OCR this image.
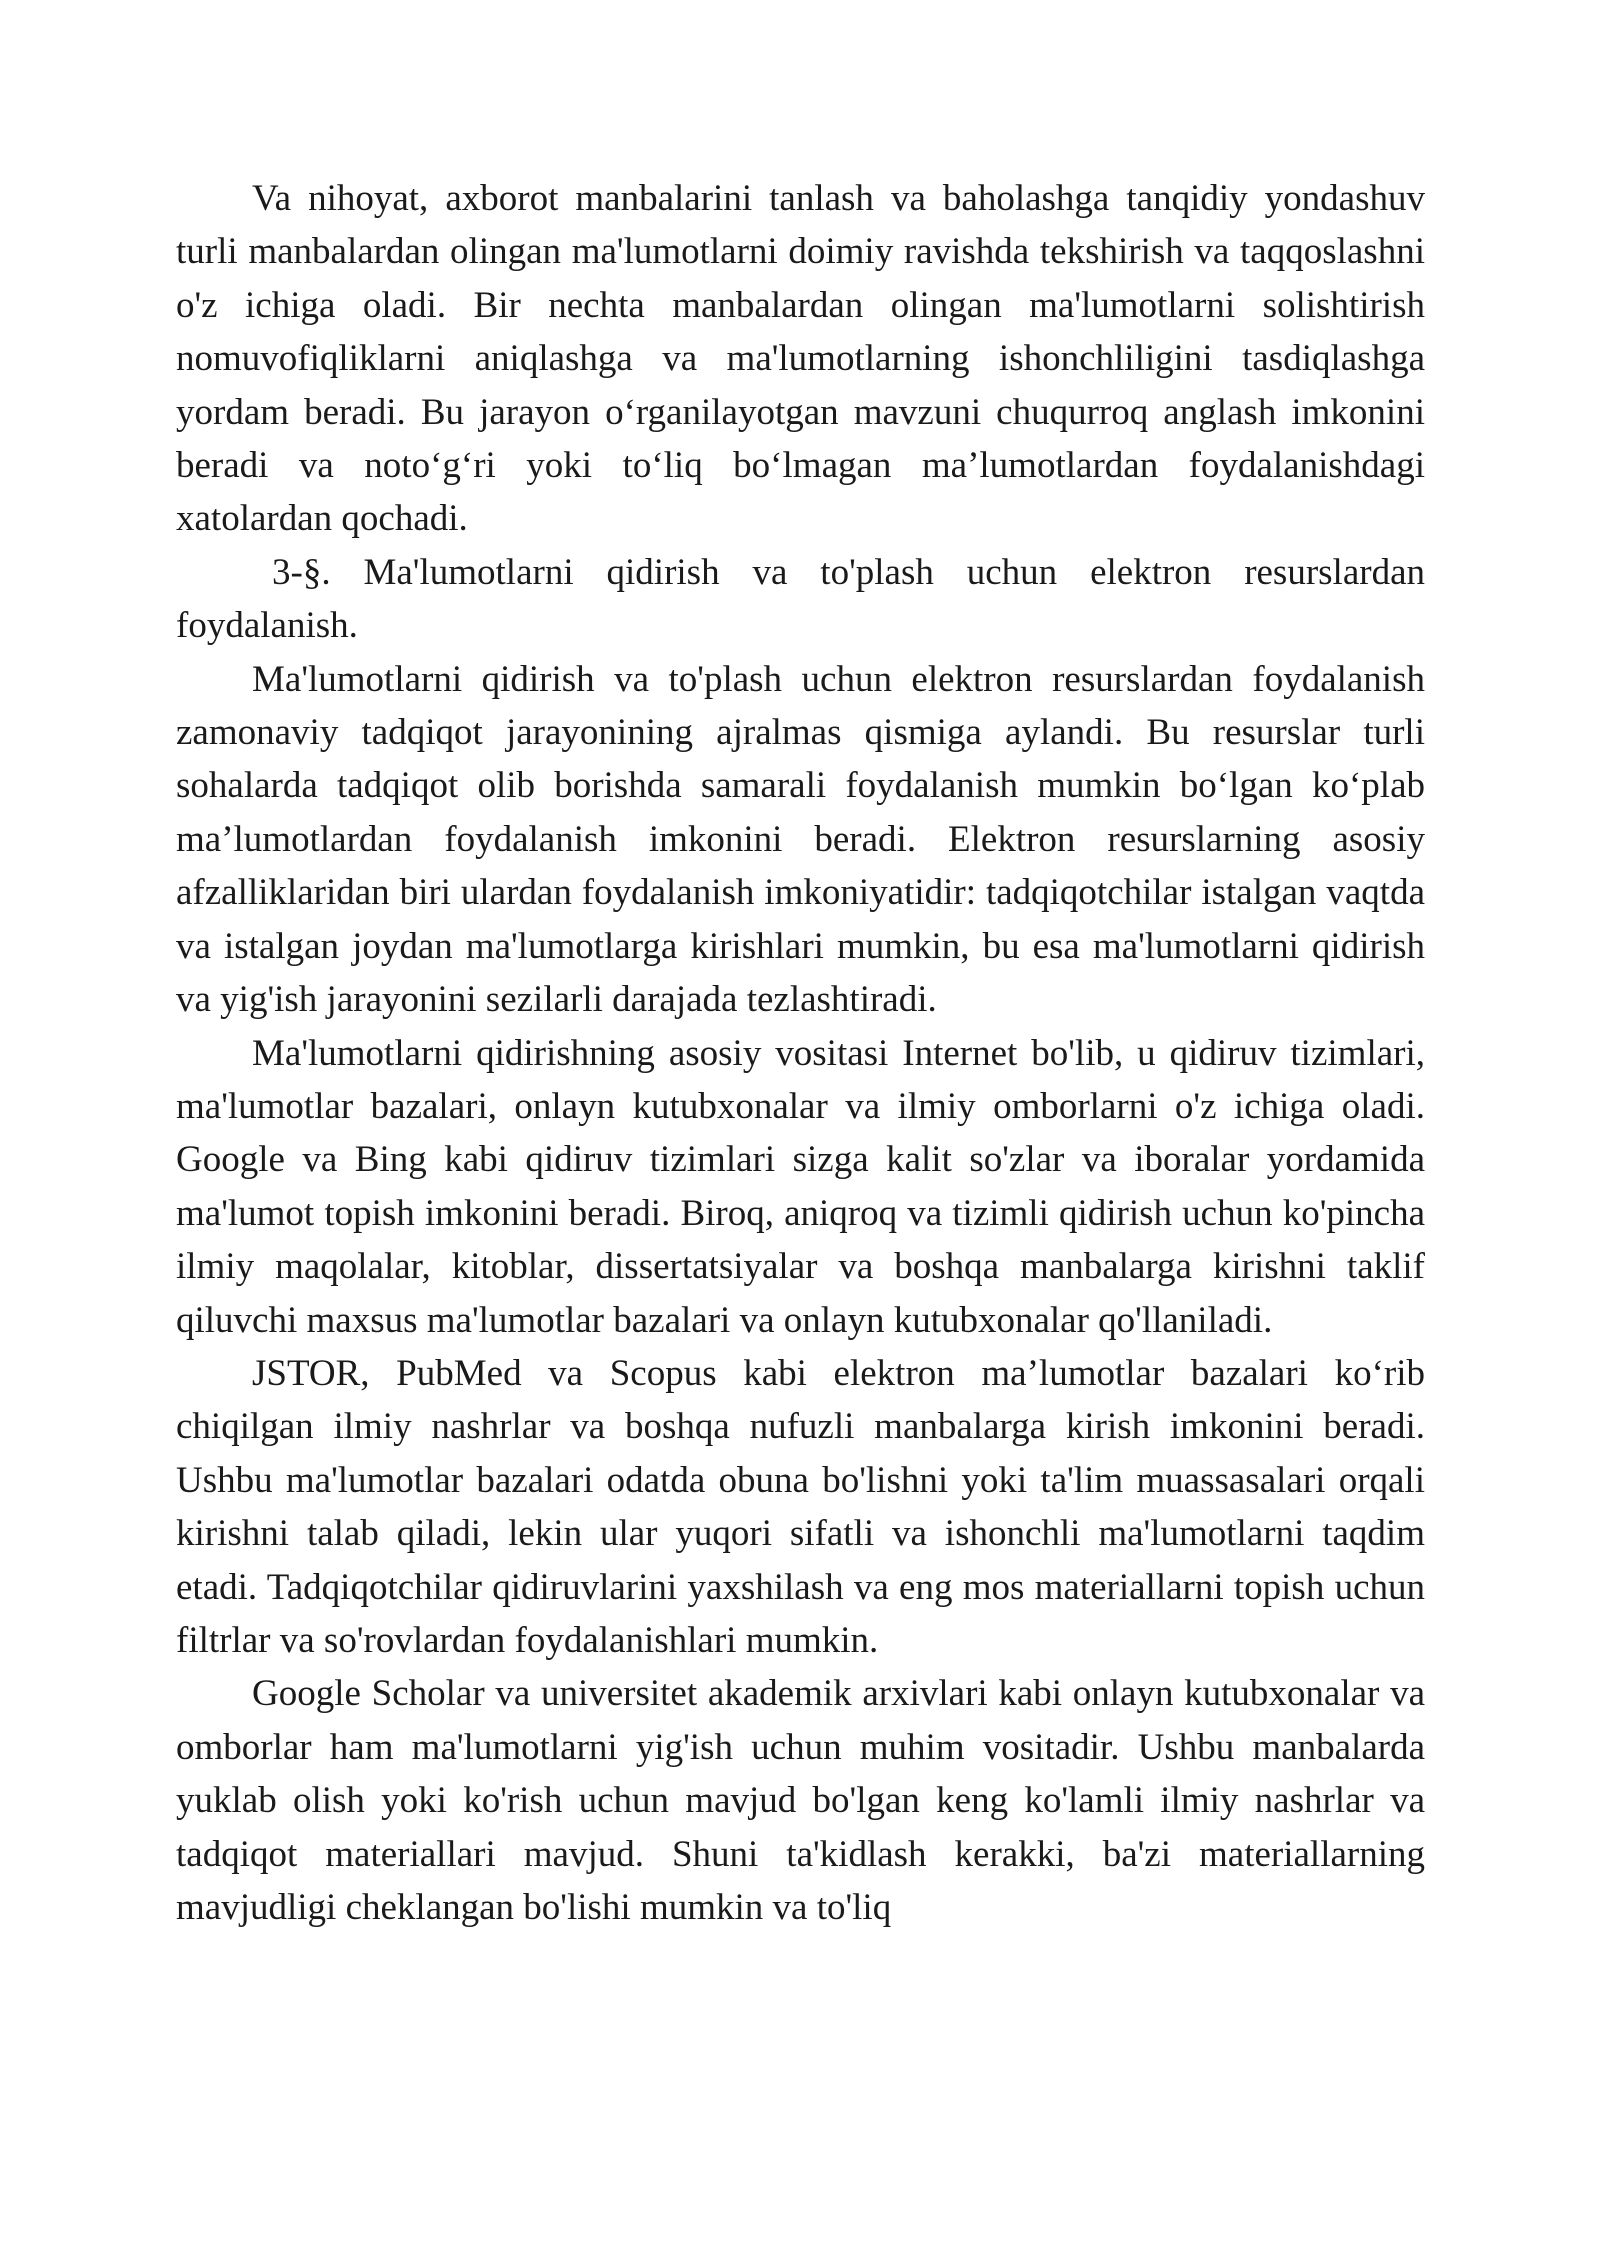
Va nihoyat, axborot manbalarini tanlash va baholashga tanqidiy yondashuv turli manbalardan olingan ma'lumotlarni doimiy ravishda tekshirish va taqqoslashni o'z ichiga oladi. Bir nechta manbalardan olingan ma'lumotlarni solishtirish nomuvofiqliklarni aniqlashga va ma'lumotlarning ishonchliligini tasdiqlashga yordam beradi. Bu jarayon o‘rganilayotgan mavzuni chuqurroq anglash imkonini beradi va noto‘g‘ri yoki to‘liq bo‘lmagan ma’lumotlardan foydalanishdagi xatolardan qochadi.

3-§. Ma'lumotlarni qidirish va to'plash uchun elektron resurslardan foydalanish.

Ma'lumotlarni qidirish va to'plash uchun elektron resurslardan foydalanish zamonaviy tadqiqot jarayonining ajralmas qismiga aylandi. Bu resurslar turli sohalarda tadqiqot olib borishda samarali foydalanish mumkin bo‘lgan ko‘plab ma’lumotlardan foydalanish imkonini beradi. Elektron resurslarning asosiy afzalliklaridan biri ulardan foydalanish imkoniyatidir: tadqiqotchilar istalgan vaqtda va istalgan joydan ma'lumotlarga kirishlari mumkin, bu esa ma'lumotlarni qidirish va yig'ish jarayonini sezilarli darajada tezlashtiradi.

Ma'lumotlarni qidirishning asosiy vositasi Internet bo'lib, u qidiruv tizimlari, ma'lumotlar bazalari, onlayn kutubxonalar va ilmiy omborlarni o'z ichiga oladi. Google va Bing kabi qidiruv tizimlari sizga kalit so'zlar va iboralar yordamida ma'lumot topish imkonini beradi. Biroq, aniqroq va tizimli qidirish uchun ko'pincha ilmiy maqolalar, kitoblar, dissertatsiyalar va boshqa manbalarga kirishni taklif qiluvchi maxsus ma'lumotlar bazalari va onlayn kutubxonalar qo'llaniladi.

JSTOR, PubMed va Scopus kabi elektron ma’lumotlar bazalari ko‘rib chiqilgan ilmiy nashrlar va boshqa nufuzli manbalarga kirish imkonini beradi. Ushbu ma'lumotlar bazalari odatda obuna bo'lishni yoki ta'lim muassasalari orqali kirishni talab qiladi, lekin ular yuqori sifatli va ishonchli ma'lumotlarni taqdim etadi. Tadqiqotchilar qidiruvlarini yaxshilash va eng mos materiallarni topish uchun filtrlar va so'rovlardan foydalanishlari mumkin.

Google Scholar va universitet akademik arxivlari kabi onlayn kutubxonalar va omborlar ham ma'lumotlarni yig'ish uchun muhim vositadir. Ushbu manbalarda yuklab olish yoki ko'rish uchun mavjud bo'lgan keng ko'lamli ilmiy nashrlar va tadqiqot materiallari mavjud. Shuni ta'kidlash kerakki, ba'zi materiallarning mavjudligi cheklangan bo'lishi mumkin va to'liq
